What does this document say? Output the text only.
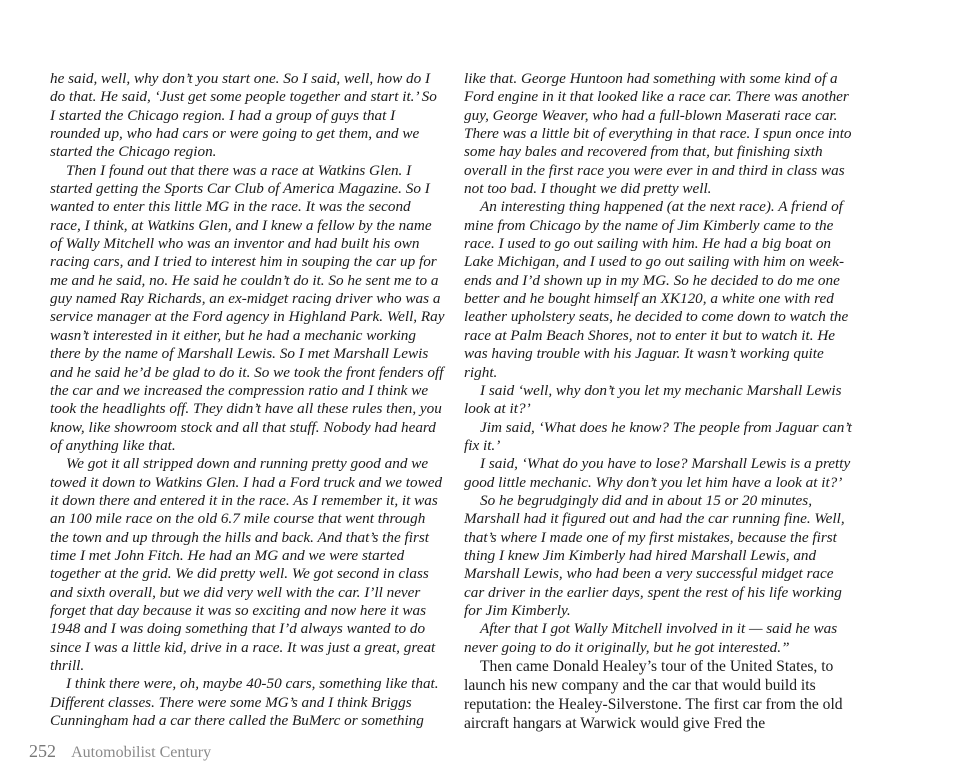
he said, well, why don’t you start one. So I said, well, how do I do that. He said, ‘Just get some people together and start it.’ So I started the Chicago region. I had a group of guys that I rounded up, who had cars or were going to get them, and we started the Chicago region.

Then I found out that there was a race at Watkins Glen. I started getting the Sports Car Club of America Magazine. So I wanted to enter this little MG in the race. It was the second race, I think, at Watkins Glen, and I knew a fellow by the name of Wally Mitchell who was an inventor and had built his own racing cars, and I tried to interest him in souping the car up for me and he said, no. He said he couldn’t do it. So he sent me to a guy named Ray Richards, an ex-midget racing driver who was a service manager at the Ford agency in Highland Park. Well, Ray wasn’t interested in it either, but he had a mechanic working there by the name of Marshall Lewis. So I met Marshall Lewis and he said he’d be glad to do it. So we took the front fenders off the car and we increased the compression ratio and I think we took the headlights off. They didn’t have all these rules then, you know, like showroom stock and all that stuff. Nobody had heard of anything like that.

We got it all stripped down and running pretty good and we towed it down to Watkins Glen. I had a Ford truck and we towed it down there and entered it in the race. As I remember it, it was an 100 mile race on the old 6.7 mile course that went through the town and up through the hills and back. And that’s the first time I met John Fitch. He had an MG and we were started together at the grid. We did pretty well. We got second in class and sixth overall, but we did very well with the car. I’ll never forget that day because it was so exciting and now here it was 1948 and I was doing something that I’d always wanted to do since I was a little kid, drive in a race. It was just a great, great thrill.

I think there were, oh, maybe 40-50 cars, something like that. Different classes. There were some MG’s and I think Briggs Cunningham had a car there called the BuMerc or something

like that. George Huntoon had something with some kind of a Ford engine in it that looked like a race car. There was another guy, George Weaver, who had a full-blown Maserati race car. There was a little bit of everything in that race. I spun once into some hay bales and recovered from that, but finishing sixth overall in the first race you were ever in and third in class was not too bad. I thought we did pretty well.

An interesting thing happened (at the next race). A friend of mine from Chicago by the name of Jim Kimberly came to the race. I used to go out sailing with him. He had a big boat on Lake Michigan, and I used to go out sailing with him on week-ends and I’d shown up in my MG. So he decided to do me one better and he bought himself an XK120, a white one with red leather upholstery seats, he decided to come down to watch the race at Palm Beach Shores, not to enter it but to watch it. He was having trouble with his Jaguar. It wasn’t working quite right.

I said ‘well, why don’t you let my mechanic Marshall Lewis look at it?’

Jim said, ‘What does he know? The people from Jaguar can’t fix it.’

I said, ‘What do you have to lose? Marshall Lewis is a pretty good little mechanic. Why don’t you let him have a look at it?’

So he begrudgingly did and in about 15 or 20 minutes, Marshall had it figured out and had the car running fine. Well, that’s where I made one of my first mistakes, because the first thing I knew Jim Kimberly had hired Marshall Lewis, and Marshall Lewis, who had been a very successful midget race car driver in the earlier days, spent the rest of his life working for Jim Kimberly.

After that I got Wally Mitchell involved in it — said he was never going to do it originally, but he got interested.”

Then came Donald Healey’s tour of the United States, to launch his new company and the car that would build its reputation: the Healey-Silverstone. The first car from the old aircraft hangars at Warwick would give Fred the

252 Automobilist Century
